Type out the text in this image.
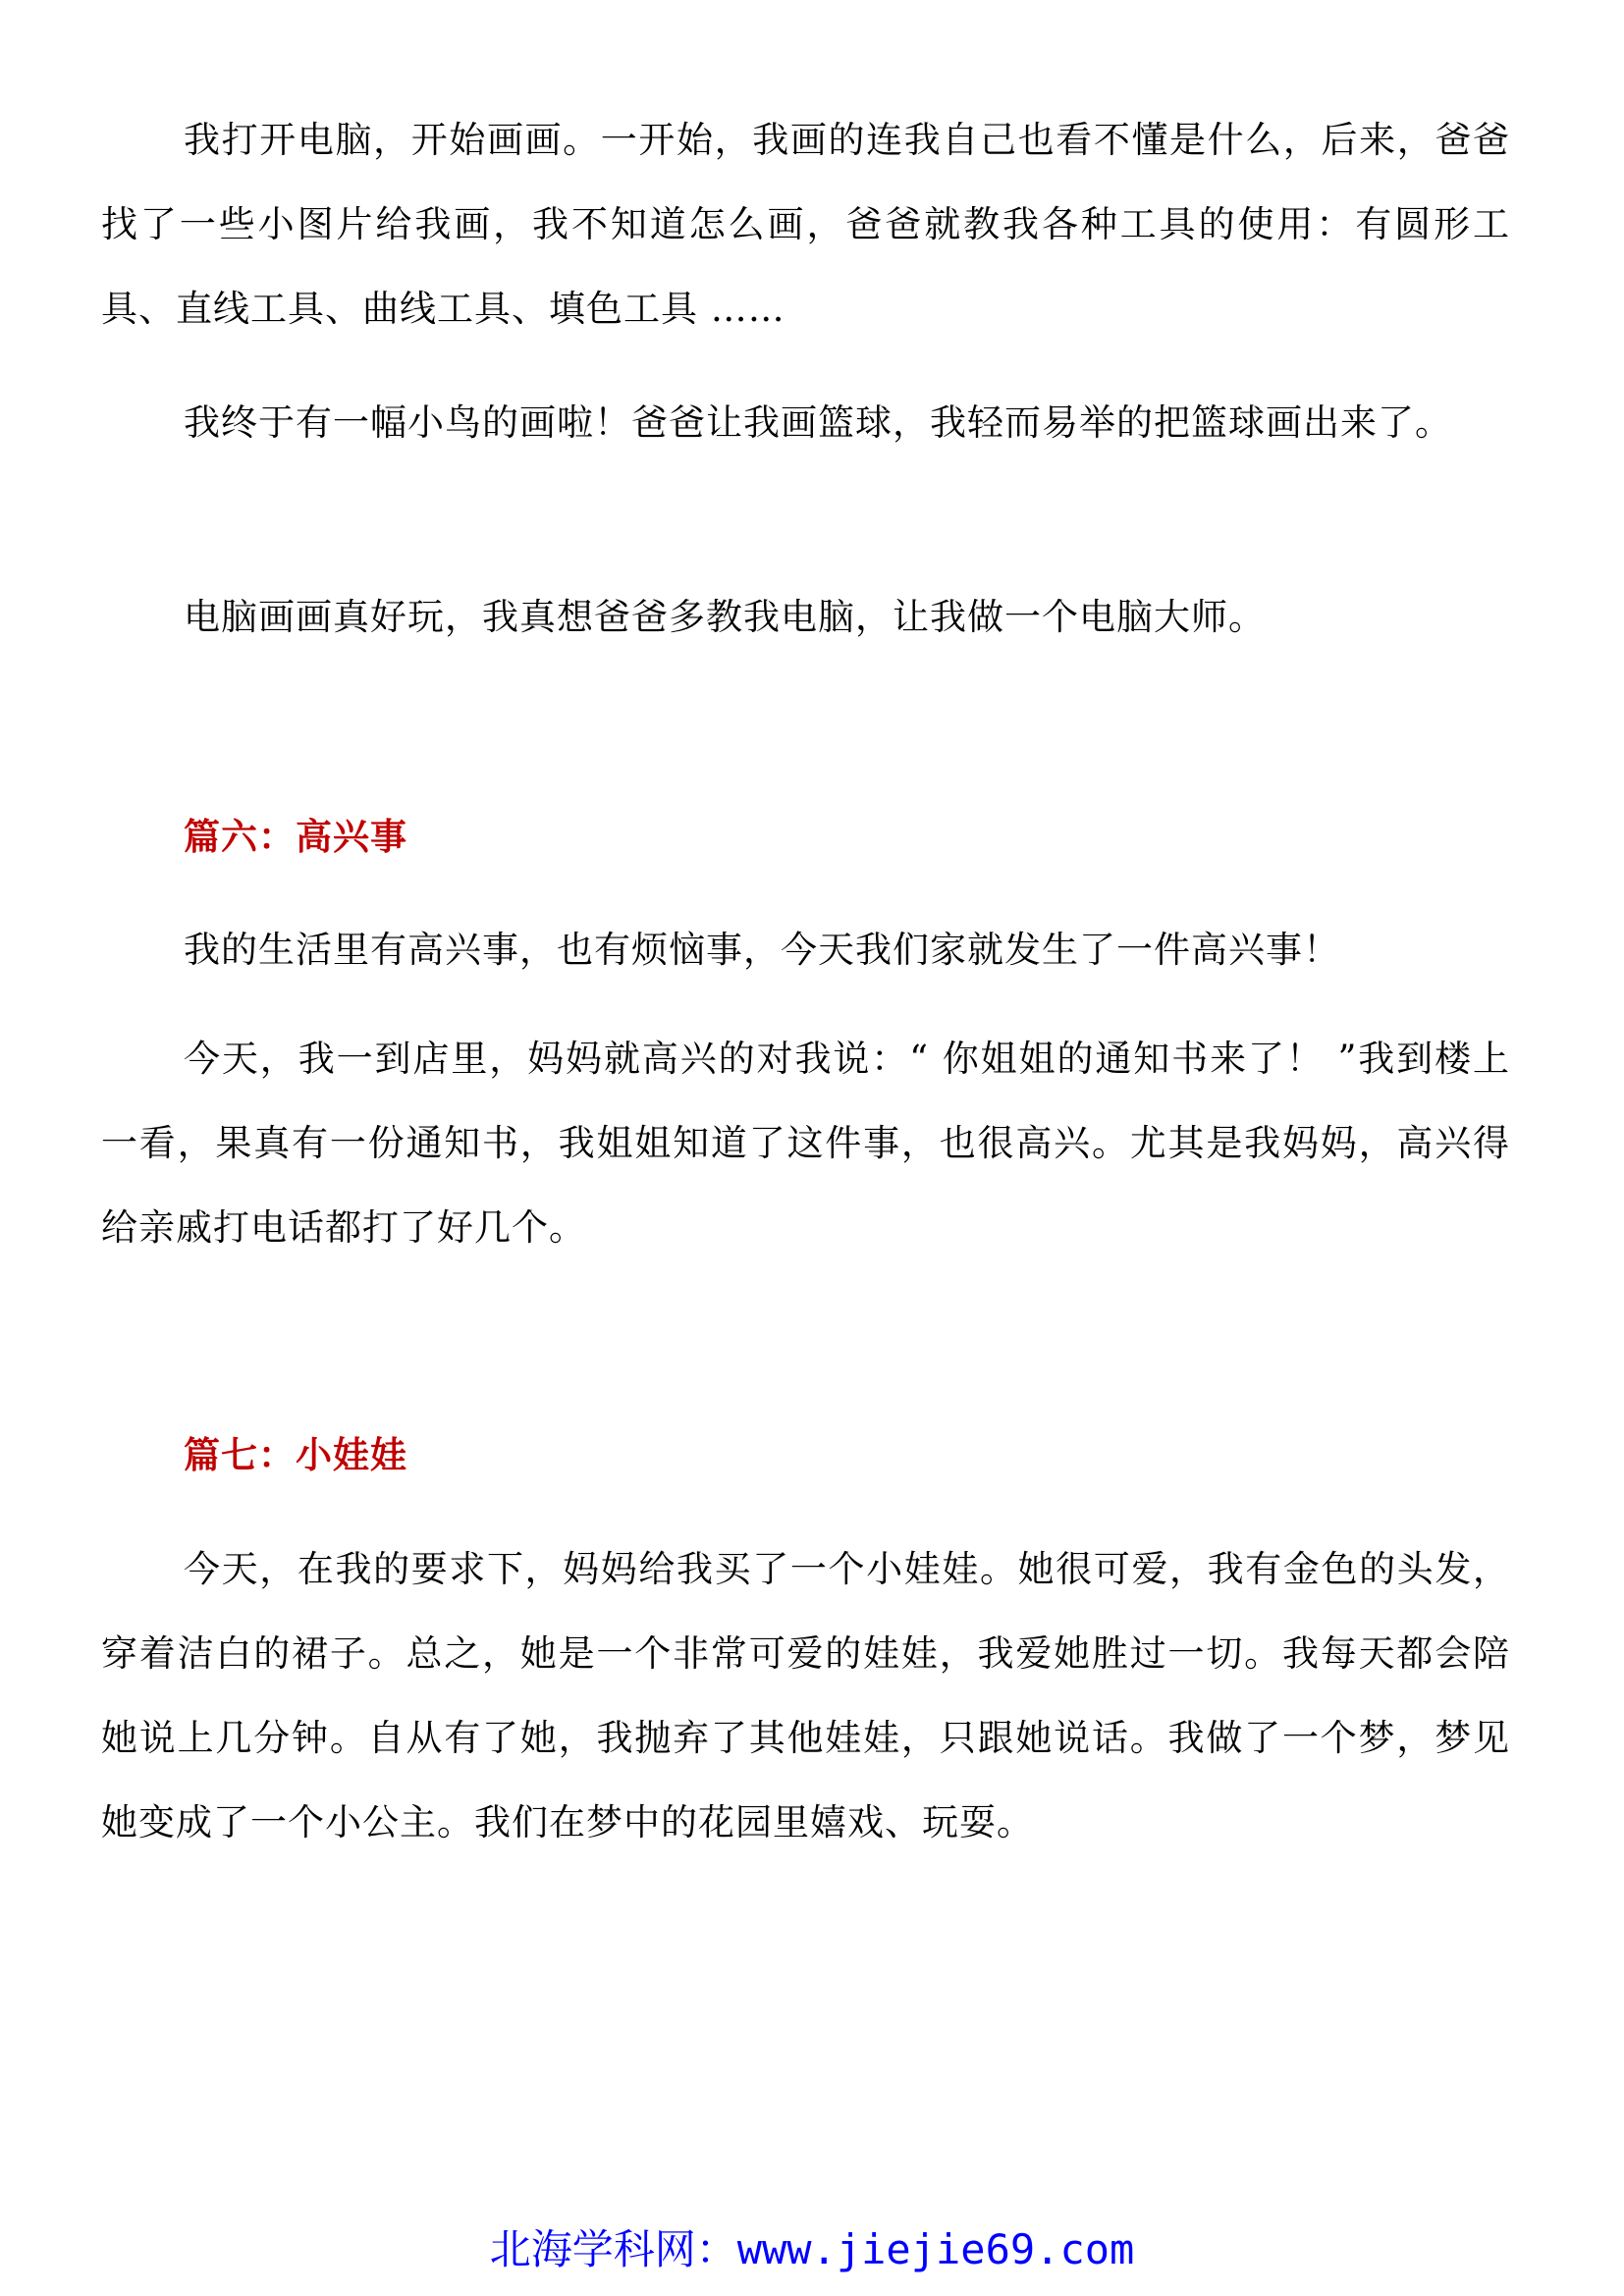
我打开电脑，开始画画。一开始，我画的连我自己也看不懂是什么，后来，爸爸找了一些小图片给我画，我不知道怎么画，爸爸就教我各种工具的使用：有圆形工具、直线工具、曲线工具、填色工具 ……

我终于有一幅小鸟的画啦！爸爸让我画篮球，我轻而易举的把篮球画出来了。

电脑画画真好玩，我真想爸爸多教我电脑，让我做一个电脑大师。

篇六：高兴事

我的生活里有高兴事，也有烦恼事，今天我们家就发生了一件高兴事！

今天，我一到店里，妈妈就高兴的对我说：“ 你姐姐的通知书来了！ ”我到楼上一看，果真有一份通知书，我姐姐知道了这件事，也很高兴。尤其是我妈妈，高兴得给亲戚打电话都打了好几个。

篇七：小娃娃

今天，在我的要求下，妈妈给我买了一个小娃娃。她很可爱，我有金色的头发，穿着洁白的裙子。总之，她是一个非常可爱的娃娃，我爱她胜过一切。我每天都会陪她说上几分钟。自从有了她，我抛弃了其他娃娃，只跟她说话。我做了一个梦，梦见她变成了一个小公主。我们在梦中的花园里嬉戏、玩耍。

北海学科网：www.jiejie69.com
